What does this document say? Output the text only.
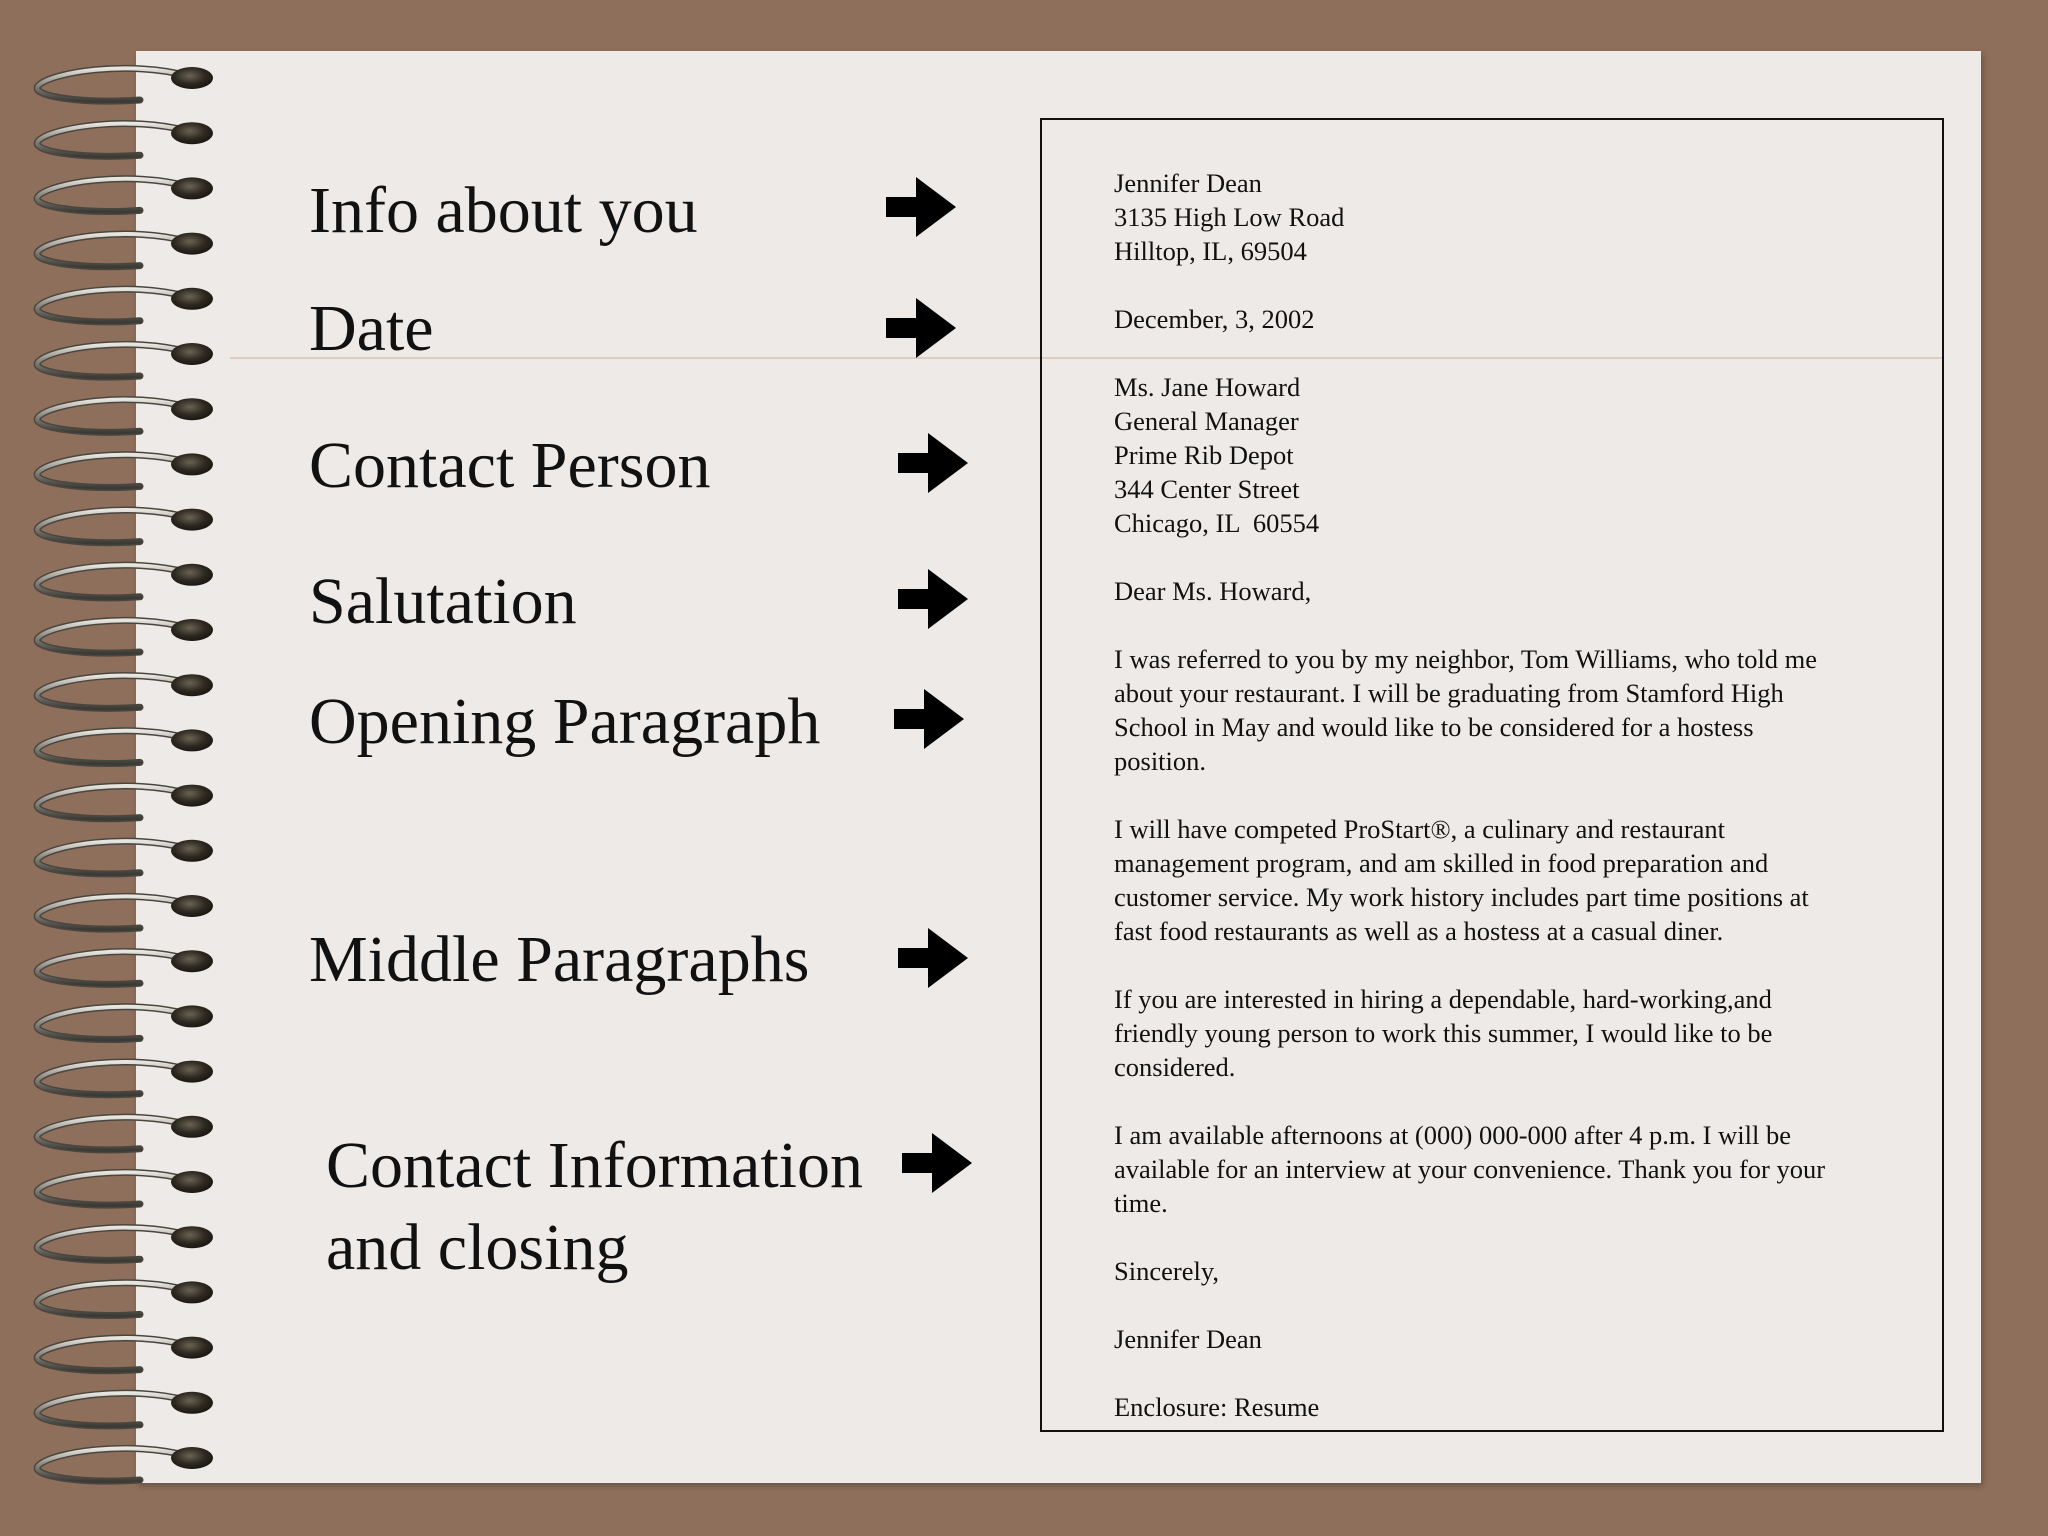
Info about you
Date
Contact Person
Salutation
Opening Paragraph
Middle Paragraphs
Contact Information
and closing

Jennifer Dean
3135 High Low Road
Hilltop, IL, 69504

December, 3, 2002

Ms. Jane Howard
General Manager
Prime Rib Depot
344 Center Street
Chicago, IL  60554

Dear Ms. Howard,

I was referred to you by my neighbor, Tom Williams, who told me
about your restaurant. I will be graduating from Stamford High
School in May and would like to be considered for a hostess
position.

I will have competed ProStart®, a culinary and restaurant
management program, and am skilled in food preparation and
customer service. My work history includes part time positions at
fast food restaurants as well as a hostess at a casual diner.

If you are interested in hiring a dependable, hard-working,and
friendly young person to work this summer, I would like to be
considered.

I am available afternoons at (000) 000-000 after 4 p.m. I will be
available for an interview at your convenience. Thank you for your
time.

Sincerely,

Jennifer Dean

Enclosure: Resume
